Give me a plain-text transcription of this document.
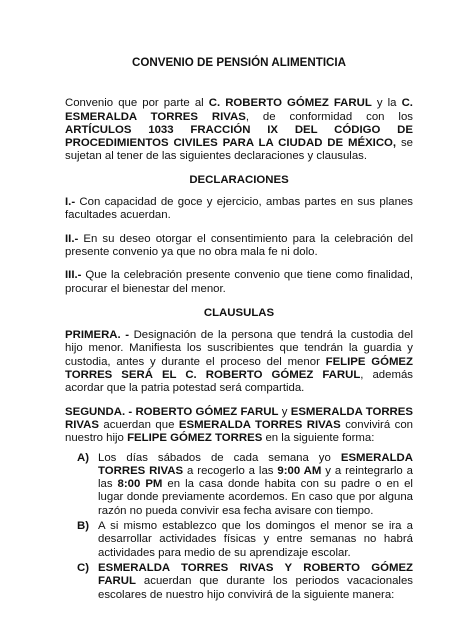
CONVENIO DE PENSIÓN ALIMENTICIA

Convenio que por parte al C. ROBERTO GÓMEZ FARUL y la C. ESMERALDA TORRES RIVAS, de conformidad con los ARTÍCULOS 1033 FRACCIÓN IX DEL CÓDIGO DE PROCEDIMIENTOS CIVILES PARA LA CIUDAD DE MÉXICO, se sujetan al tener de las siguientes declaraciones y clausulas.

DECLARACIONES

I.- Con capacidad de goce y ejercicio, ambas partes en sus planes facultades acuerdan.

II.- En su deseo otorgar el consentimiento para la celebración del presente convenio ya que no obra mala fe ni dolo.

III.- Que la celebración presente convenio que tiene como finalidad, procurar el bienestar del menor.

CLAUSULAS

PRIMERA. - Designación de la persona que tendrá la custodia del hijo menor. Manifiesta los suscribientes que tendrán la guardia y custodia, antes y durante el proceso del menor FELIPE GÓMEZ TORRES SERÁ EL C. ROBERTO GÓMEZ FARUL, además acordar que la patria potestad será compartida.

SEGUNDA. - ROBERTO GÓMEZ FARUL y ESMERALDA TORRES RIVAS acuerdan que ESMERALDA TORRES RIVAS convivirá con nuestro hijo FELIPE GÓMEZ TORRES en la siguiente forma:

A) Los días sábados de cada semana yo ESMERALDA TORRES RIVAS a recogerlo a las 9:00 AM y a reintegrarlo a las 8:00 PM en la casa donde habita con su padre o en el lugar donde previamente acordemos. En caso que por alguna razón no pueda convivir esa fecha avisare con tiempo.

B) A si mismo establezco que los domingos el menor se ira a desarrollar actividades físicas y entre semanas no habrá actividades para medio de su aprendizaje escolar.

C) ESMERALDA TORRES RIVAS Y ROBERTO GÓMEZ FARUL acuerdan que durante los periodos vacacionales escolares de nuestro hijo convivirá de la siguiente manera:
